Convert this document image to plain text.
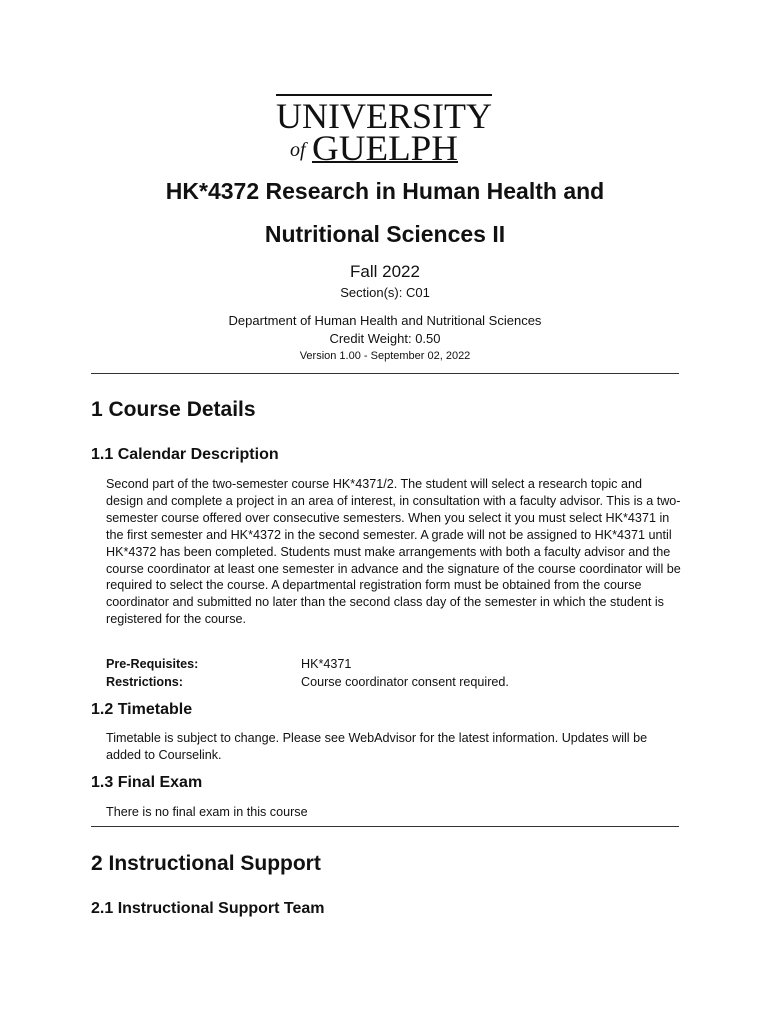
UNIVERSITY
of GUELPH
HK*4372 Research in Human Health and
Nutritional Sciences II
Fall 2022
Section(s): C01
Department of Human Health and Nutritional Sciences
Credit Weight: 0.50
Version 1.00 - September 02, 2022
1 Course Details
1.1 Calendar Description

Second part of the two-semester course HK*4371/2. The student will select a research topic and design and complete a project in an area of interest, in consultation with a faculty advisor. This is a two-semester course offered over consecutive semesters. When you select it you must select HK*4371 in the first semester and HK*4372 in the second semester. A grade will not be assigned to HK*4371 until HK*4372 has been completed. Students must make arrangements with both a faculty advisor and the course coordinator at least one semester in advance and the signature of the course coordinator will be required to select the course. A departmental registration form must be obtained from the course coordinator and submitted no later than the second class day of the semester in which the student is registered for the course.

Pre-Requisites:	HK*4371
Restrictions:	Course coordinator consent required.
1.2 Timetable

Timetable is subject to change. Please see WebAdvisor for the latest information. Updates will be added to Courselink.

1.3 Final Exam

There is no final exam in this course

2 Instructional Support
2.1 Instructional Support Team
